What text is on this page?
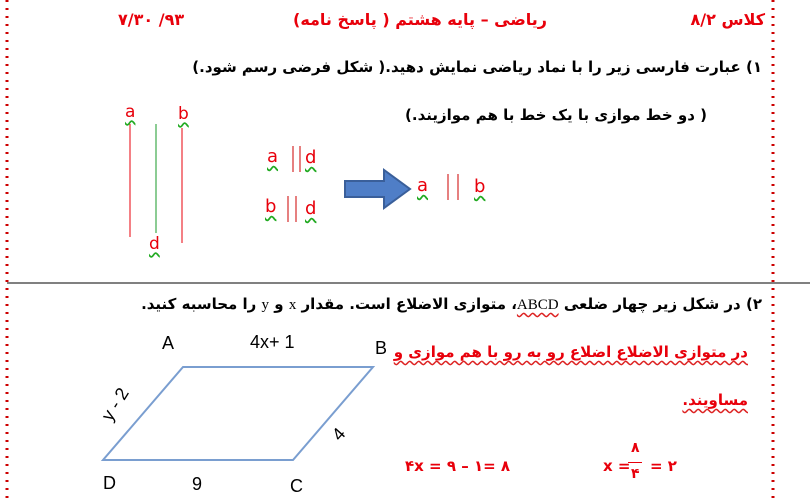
کلاس ۸/۲
ریاضی – پایه هشتم ( پاسخ نامه)
۹۳/ ۷/۳۰
۱) عبارت فارسی زیر را با نماد ریاضی نمایش دهید.( شکل فرضی رسم شود.)
( دو خط موازی با یک خط با هم موازیند.)
a	b
d
a d
b d
a	b
۲) در شکل زیر چهار ضلعی ABCD، متوازی الاضلاع است. مقدار x و y را محاسبه کنید.
A	B
C
D
4x+ 1
9
y - 2
4
در متوازی الاضلاع اضلاع رو به رو با هم موازی و
مساویند.
۴x = ۹ – ۱= ۸	x =
۸
۴ = ۲
